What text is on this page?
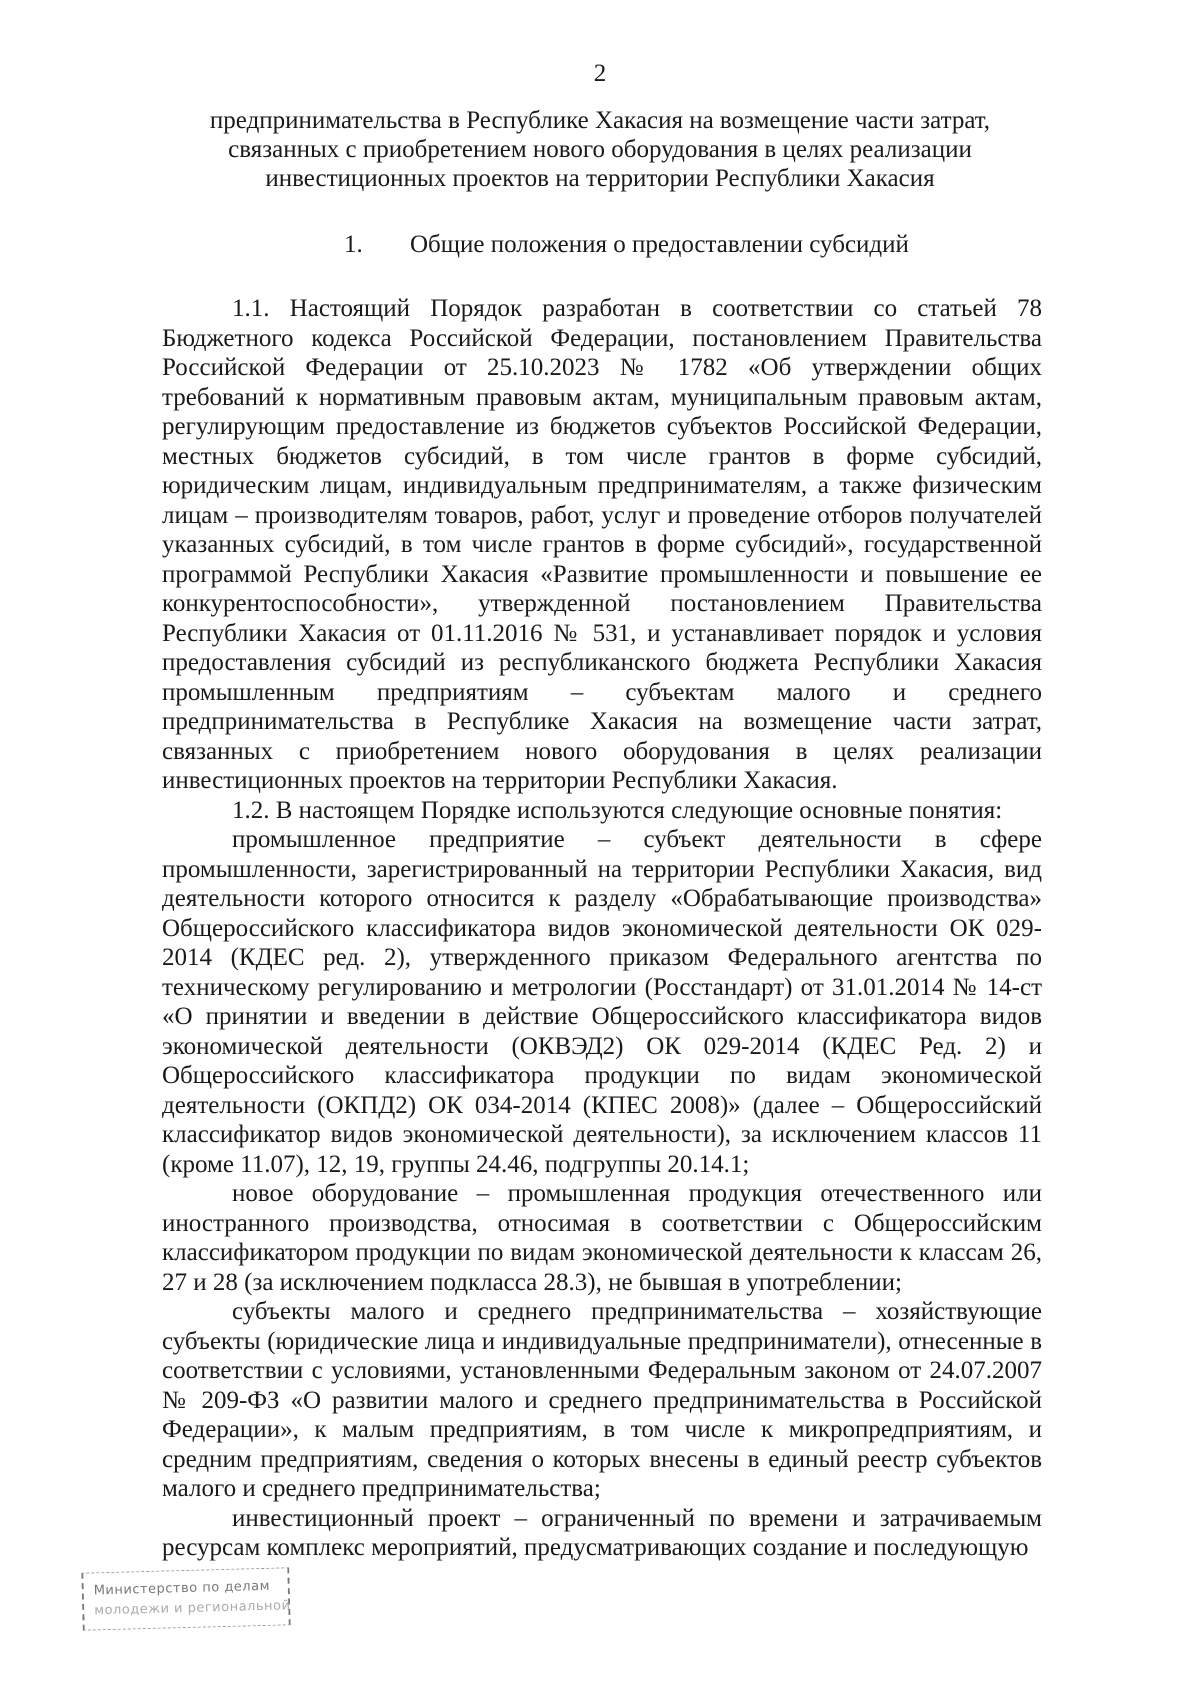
2
предпринимательства в Республике Хакасия на возмещение части затрат,
связанных с приобретением нового оборудования в целях реализации
инвестиционных проектов на территории Республики Хакасия
1. Общие положения о предоставлении субсидий

1.1. Настоящий Порядок разработан в соответствии со статьей 78 Бюджетного кодекса Российской Федерации, постановлением Правительства Российской Федерации от 25.10.2023 № 1782 «Об утверждении общих требований к нормативным правовым актам, муниципальным правовым актам, регулирующим предоставление из бюджетов субъектов Российской Федерации, местных бюджетов субсидий, в том числе грантов в форме субсидий, юридическим лицам, индивидуальным предпринимателям, а также физическим лицам – производителям товаров, работ, услуг и проведение отборов получателей указанных субсидий, в том числе грантов в форме субсидий», государственной программой Республики Хакасия «Развитие промышленности и повышение ее конкурентоспособности», утвержденной постановлением Правительства Республики Хакасия от 01.11.2016 № 531, и устанавливает порядок и условия предоставления субсидий из республиканского бюджета Республики Хакасия промышленным предприятиям – субъектам малого и среднего предпринимательства в Республике Хакасия на возмещение части затрат, связанных с приобретением нового оборудования в целях реализации инвестиционных проектов на территории Республики Хакасия.

1.2. В настоящем Порядке используются следующие основные понятия:

промышленное предприятие – субъект деятельности в сфере промышленности, зарегистрированный на территории Республики Хакасия, вид деятельности которого относится к разделу «Обрабатывающие производства» Общероссийского классификатора видов экономической деятельности ОК 029-2014 (КДЕС ред. 2), утвержденного приказом Федерального агентства по техническому регулированию и метрологии (Росстандарт) от 31.01.2014 № 14-ст «О принятии и введении в действие Общероссийского классификатора видов экономической деятельности (ОКВЭД2) ОК 029-2014 (КДЕС Ред. 2) и Общероссийского классификатора продукции по видам экономической деятельности (ОКПД2) ОК 034-2014 (КПЕС 2008)» (далее – Общероссийский классификатор видов экономической деятельности), за исключением классов 11 (кроме 11.07), 12, 19, группы 24.46, подгруппы 20.14.1;

новое оборудование – промышленная продукция отечественного или иностранного производства, относимая в соответствии с Общероссийским классификатором продукции по видам экономической деятельности к классам 26, 27 и 28 (за исключением подкласса 28.3), не бывшая в употреблении;

субъекты малого и среднего предпринимательства – хозяйствующие субъекты (юридические лица и индивидуальные предприниматели), отнесенные в соответствии с условиями, установленными Федеральным законом от 24.07.2007 № 209-ФЗ «О развитии малого и среднего предпринимательства в Российской Федерации», к малым предприятиям, в том числе к микропредприятиям, и средним предприятиям, сведения о которых внесены в единый реестр субъектов малого и среднего предпринимательства;

инвестиционный проект – ограниченный по времени и затрачиваемым ресурсам комплекс мероприятий, предусматривающих создание и последующую

Министерство по делам
молодежи и региональной
